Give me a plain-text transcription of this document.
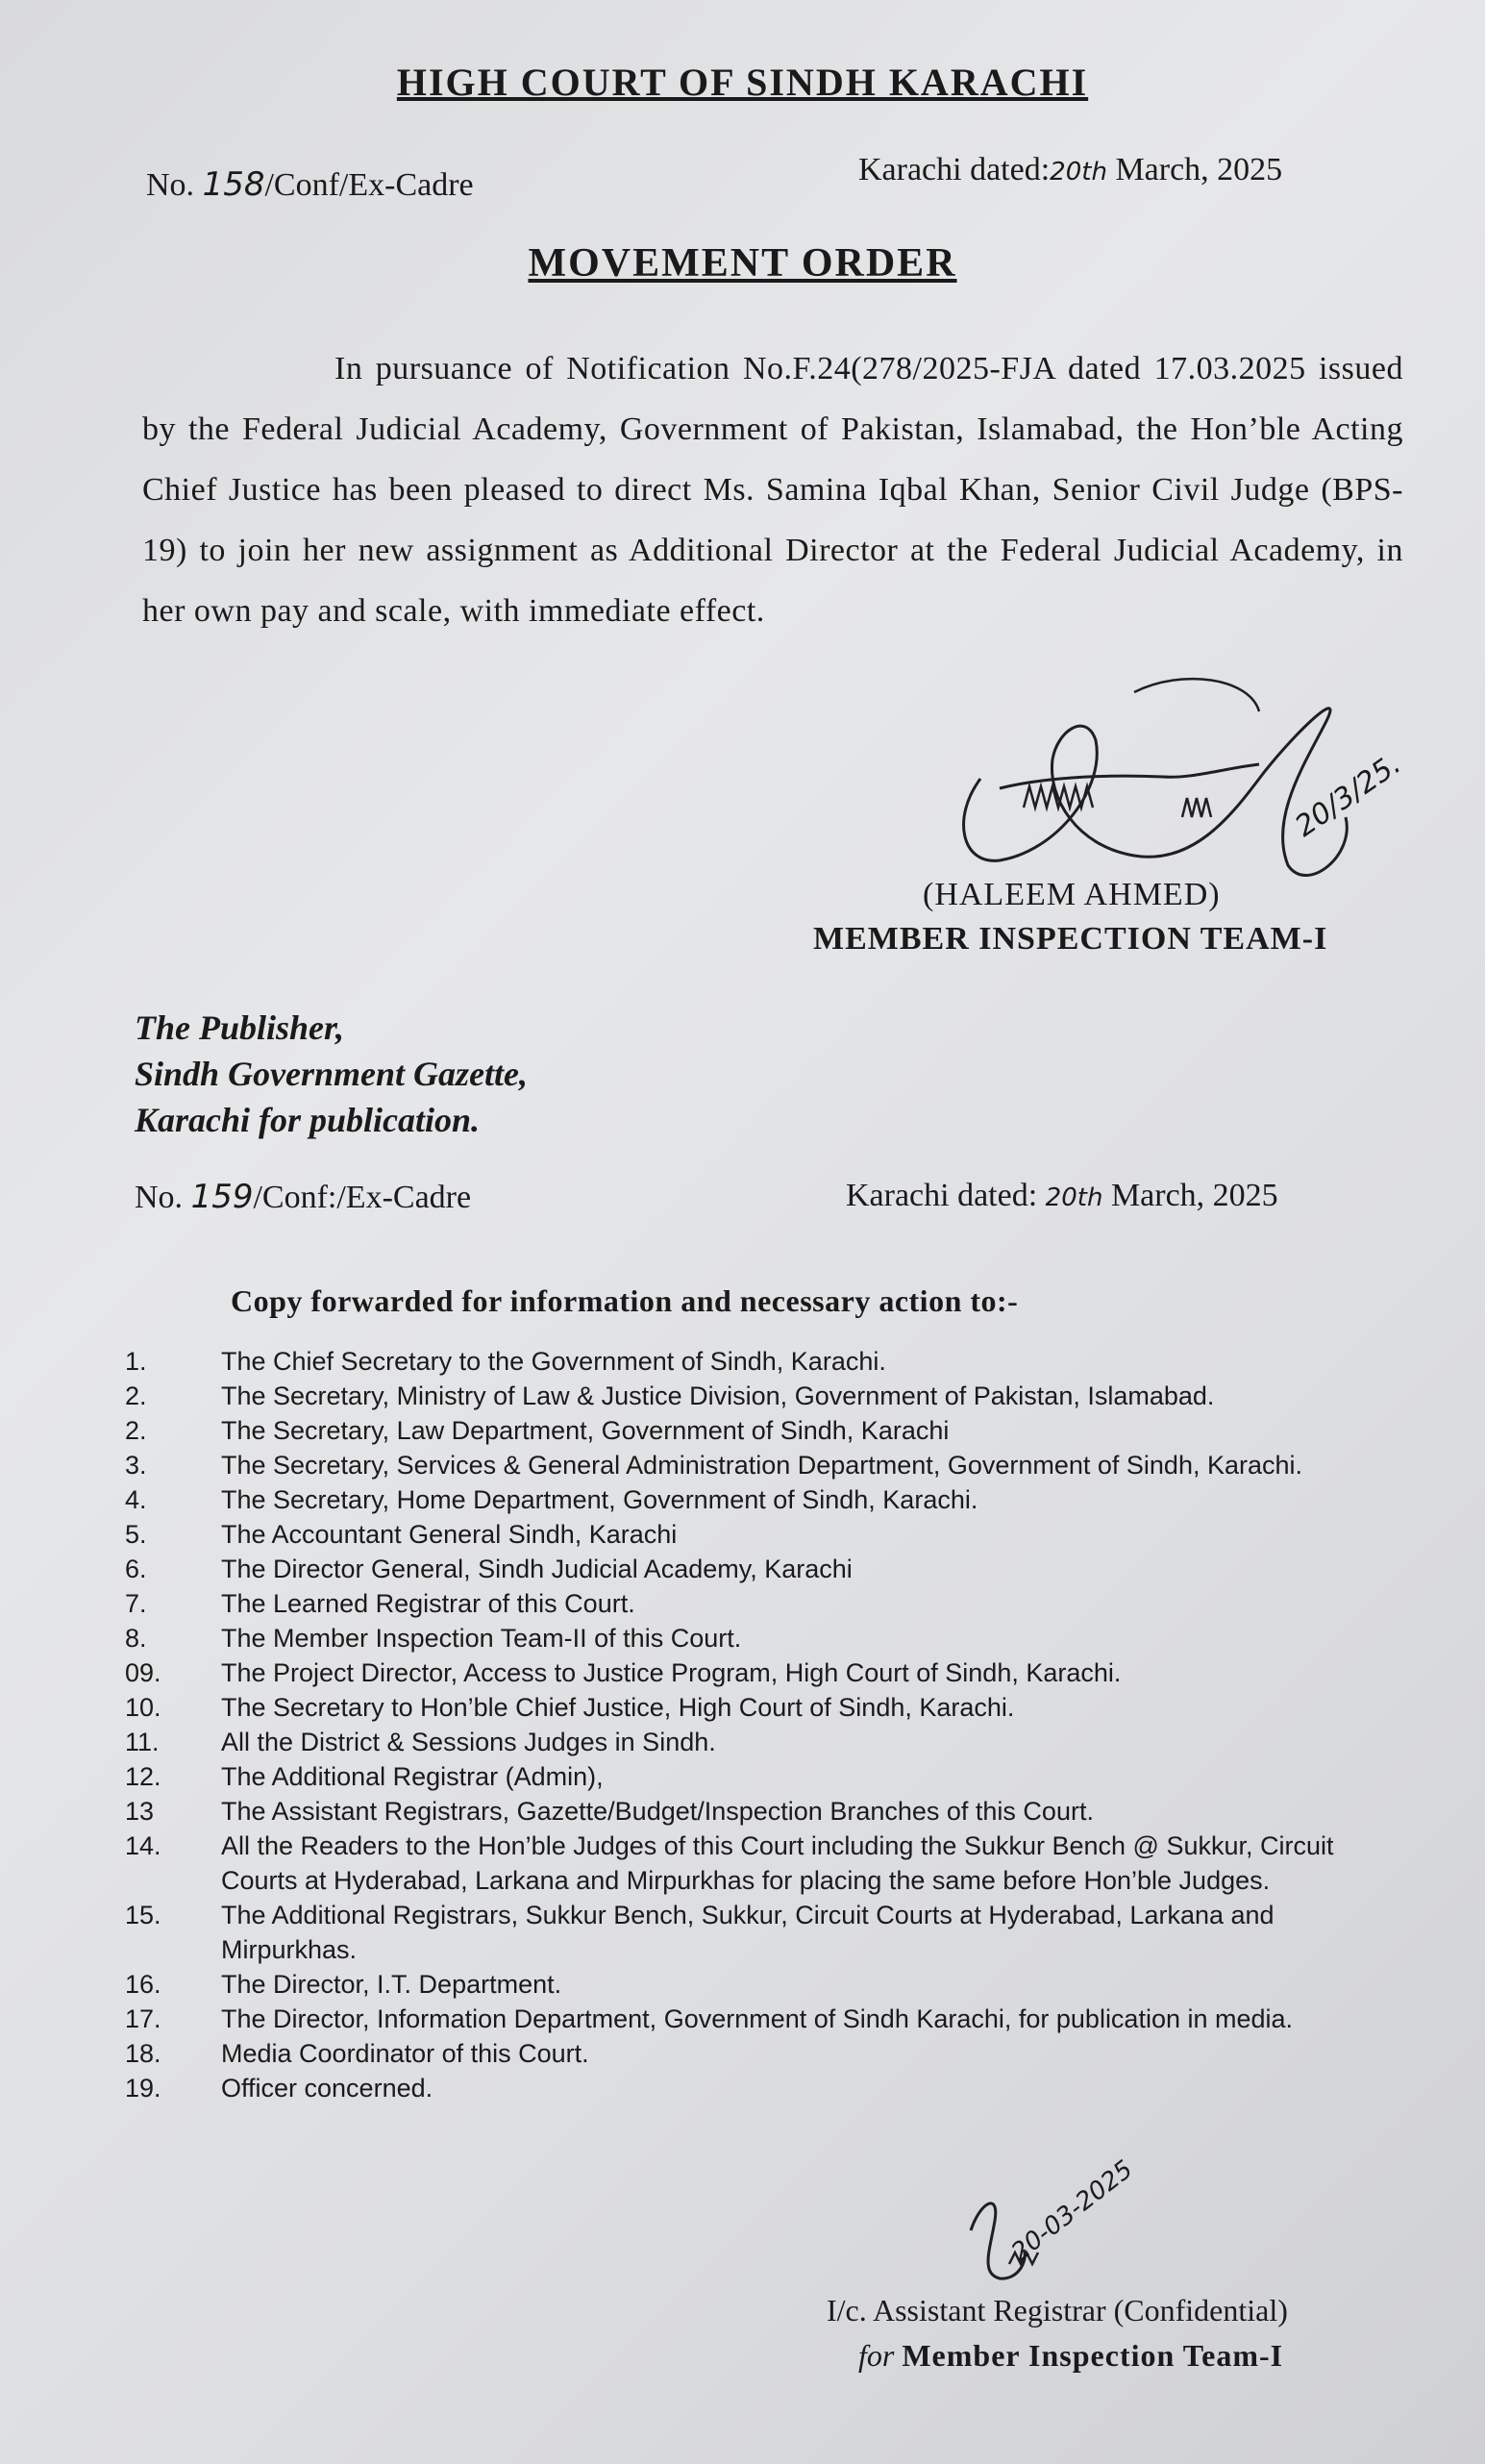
HIGH COURT OF SINDH KARACHI
No. 158/Conf/Ex-Cadre	Karachi dated:20th March, 2025
MOVEMENT ORDER
In pursuance of Notification No.F.24(278/2025-FJA dated 17.03.2025 issued by the Federal Judicial Academy, Government of Pakistan, Islamabad, the Hon’ble Acting Chief Justice has been pleased to direct Ms. Samina Iqbal Khan, Senior Civil Judge (BPS-19) to join her new assignment as Additional Director at the Federal Judicial Academy, in her own pay and scale, with immediate effect.
20/3/25.
(HALEEM AHMED)
MEMBER INSPECTION TEAM-I
The Publisher,
Sindh Government Gazette,
Karachi for publication.
No. 159/Conf:/Ex-Cadre	Karachi dated: 20th March, 2025
Copy forwarded for information and necessary action to:-
1.	The Chief Secretary to the Government of Sindh, Karachi.
2.	The Secretary, Ministry of Law & Justice Division, Government of Pakistan, Islamabad.
2.	The Secretary, Law Department, Government of Sindh, Karachi
3.	The Secretary, Services & General Administration Department, Government of Sindh, Karachi.
4.	The Secretary, Home Department, Government of Sindh, Karachi.
5.	The Accountant General Sindh, Karachi
6.	The Director General, Sindh Judicial Academy, Karachi
7.	The Learned Registrar of this Court.
8.	The Member Inspection Team-II of this Court.
09.	The Project Director, Access to Justice Program, High Court of Sindh, Karachi.
10.	The Secretary to Hon’ble Chief Justice, High Court of Sindh, Karachi.
11.	All the District & Sessions Judges in Sindh.
12.	The Additional Registrar (Admin),
13	The Assistant Registrars, Gazette/Budget/Inspection Branches of this Court.
14.	All the Readers to the Hon’ble Judges of this Court including the Sukkur Bench @ Sukkur, Circuit Courts at Hyderabad, Larkana and Mirpurkhas for placing the same before Hon’ble Judges.
15.	The Additional Registrars, Sukkur Bench, Sukkur, Circuit Courts at Hyderabad, Larkana and Mirpurkhas.
16.	The Director, I.T. Department.
17.	The Director, Information Department, Government of Sindh Karachi, for publication in media.
18.	Media Coordinator of this Court.
19.	Officer concerned.
20-03-2025
I/c. Assistant Registrar (Confidential)
for Member Inspection Team-I
